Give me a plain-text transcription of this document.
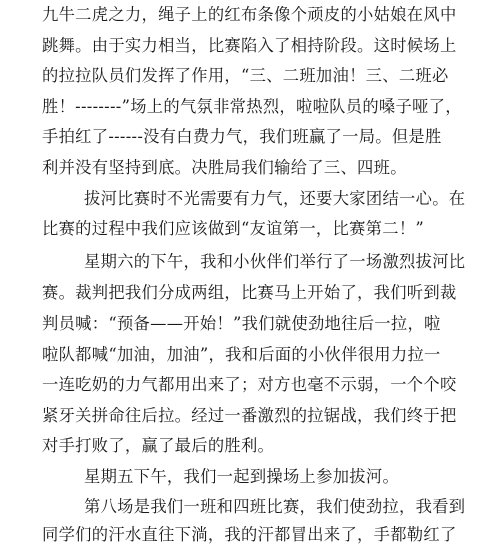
九牛二虎之力，绳子上的红布条像个顽皮的小姑娘在风中
跳舞。由于实力相当，比赛陷入了相持阶段。这时候场上
的拉拉队员们发挥了作用，“三、二班加油！三、二班必
胜！--------”场上的气氛非常热烈，啦啦队员的嗓子哑了，
手拍红了------没有白费力气，我们班赢了一局。但是胜
利并没有坚持到底。决胜局我们输给了三、四班。
拔河比赛时不光需要有力气，还要大家团结一心。在
比赛的过程中我们应该做到“友谊第一，比赛第二！”
星期六的下午，我和小伙伴们举行了一场激烈拔河比
赛。裁判把我们分成两组，比赛马上开始了，我们听到裁
判员喊：“预备——开始！”我们就使劲地往后一拉，啦
啦队都喊“加油，加油”，我和后面的小伙伴很用力拉一
一连吃奶的力气都用出来了；对方也毫不示弱，一个个咬
紧牙关拼命往后拉。经过一番激烈的拉锯战，我们终于把
对手打败了，赢了最后的胜利。
星期五下午，我们一起到操场上参加拔河。
第八场是我们一班和四班比赛，我们使劲拉，我看到
同学们的汗水直往下淌，我的汗都冒出来了，手都勒红了
